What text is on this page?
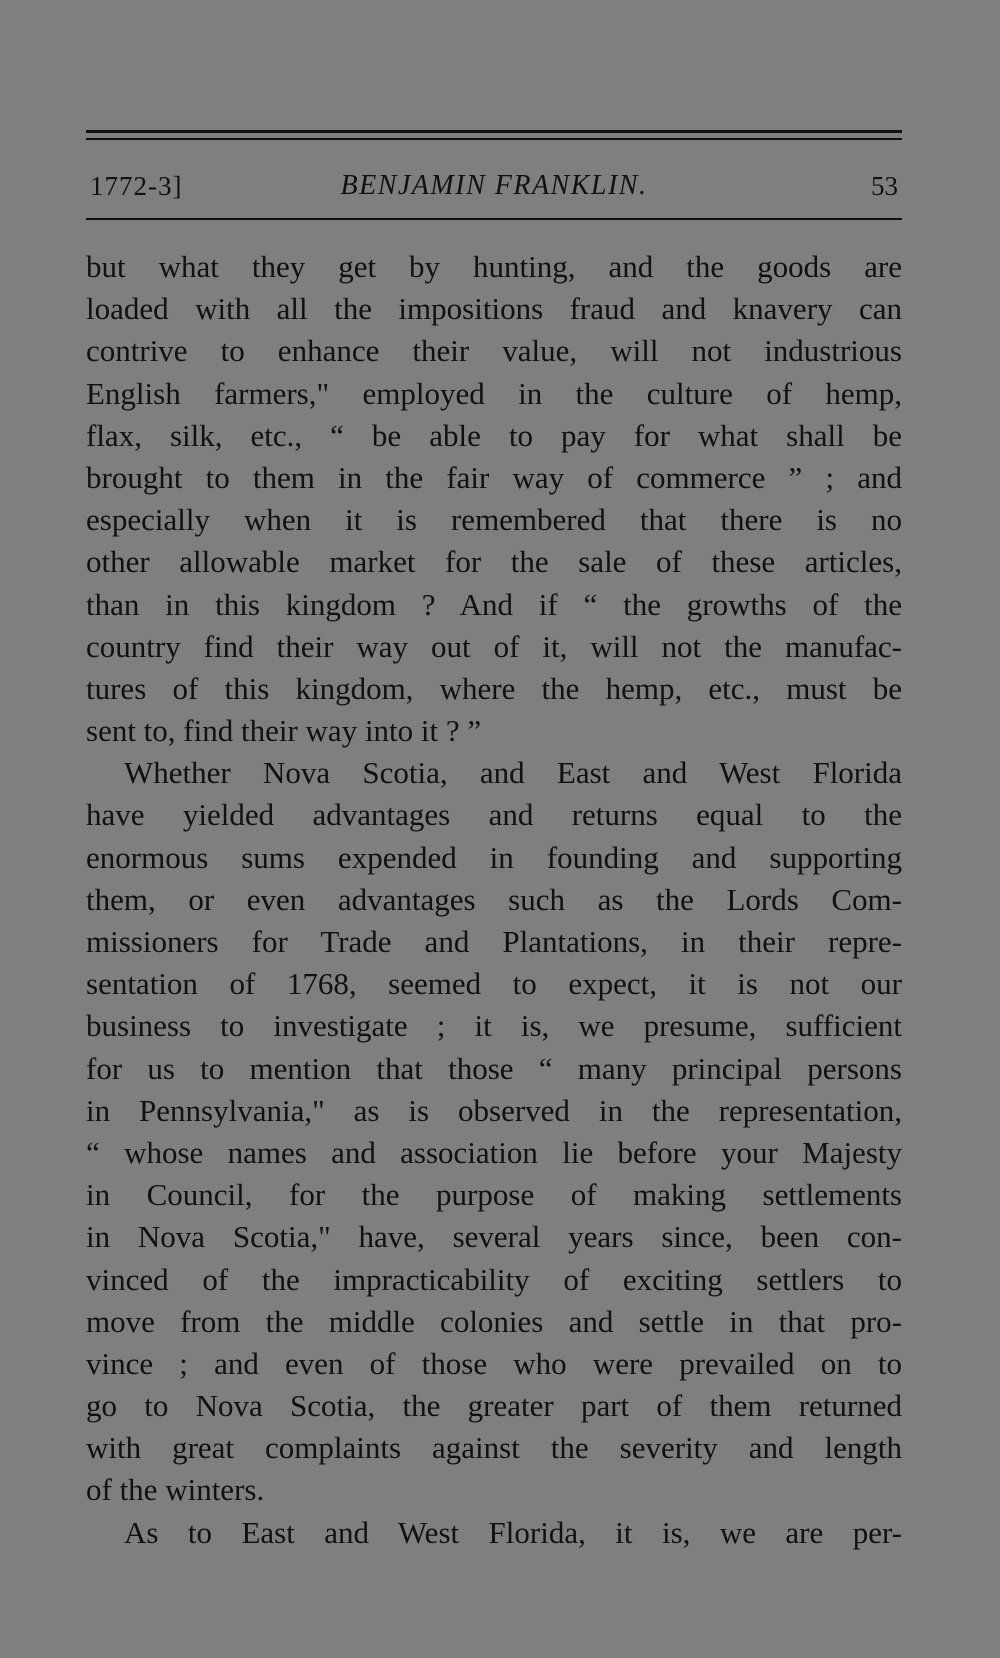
1772-3]	BENJAMIN FRANKLIN.	53
but what they get by hunting, and the goods are
loaded with all the impositions fraud and knavery can
contrive to enhance their value, will not industrious
English farmers," employed in the culture of hemp,
flax, silk, etc., “ be able to pay for what shall be
brought to them in the fair way of commerce ” ; and
especially when it is remembered that there is no
other allowable market for the sale of these articles,
than in this kingdom ? And if “ the growths of the
country find their way out of it, will not the manufac-
tures of this kingdom, where the hemp, etc., must be
sent to, find their way into it ? ”
Whether Nova Scotia, and East and West Florida
have yielded advantages and returns equal to the
enormous sums expended in founding and supporting
them, or even advantages such as the Lords Com-
missioners for Trade and Plantations, in their repre-
sentation of 1768, seemed to expect, it is not our
business to investigate ; it is, we presume, sufficient
for us to mention that those “ many principal persons
in Pennsylvania," as is observed in the representation,
“ whose names and association lie before your Majesty
in Council, for the purpose of making settlements
in Nova Scotia," have, several years since, been con-
vinced of the impracticability of exciting settlers to
move from the middle colonies and settle in that pro-
vince ; and even of those who were prevailed on to
go to Nova Scotia, the greater part of them returned
with great complaints against the severity and length
of the winters.
As to East and West Florida, it is, we are per-
